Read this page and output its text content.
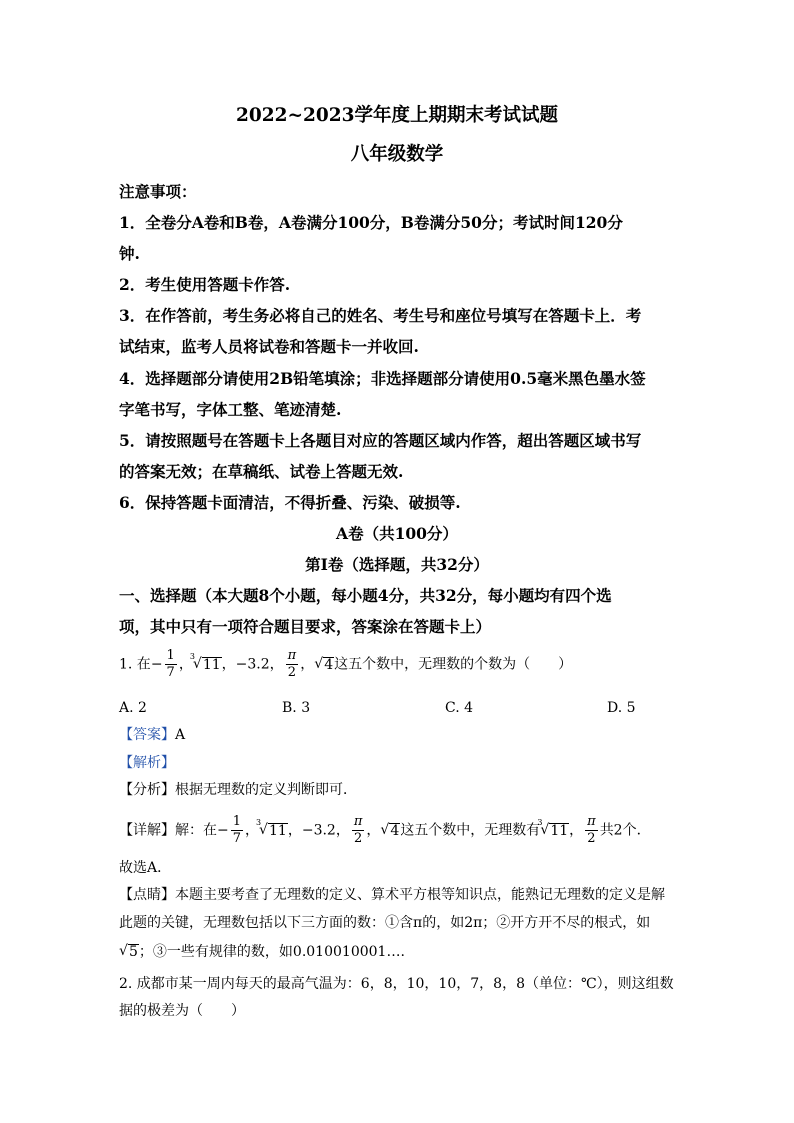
2022~2023学年度上期期末考试试题
八年级数学
注意事项：
1．全卷分A卷和B卷，A卷满分100分，B卷满分50分；考试时间120分
钟.
2．考生使用答题卡作答.
3．在作答前，考生务必将自己的姓名、考生号和座位号填写在答题卡上．考
试结束，监考人员将试卷和答题卡一并收回.
4．选择题部分请使用2B铅笔填涂；非选择题部分请使用0.5毫米黑色墨水签
字笔书写，字体工整、笔迹清楚.
5．请按照题号在答题卡上各题目对应的答题区域内作答，超出答题区域书写
的答案无效；在草稿纸、试卷上答题无效.
6．保持答题卡面清洁，不得折叠、污染、破损等.
A卷（共100分）
第Ⅰ卷（选择题，共32分）
一、选择题（本大题8个小题，每小题4分，共32分，每小题均有四个选
项，其中只有一项符合题目要求，答案涂在答题卡上）
1. 在− $\frac{1}{7}$ ，
3
√ 11，−3.2， $\frac{\pi}{2}$ ， √ 4这五个数中，无理数的个数为（　　）
A. 2	B. 3	C. 4	D. 5
【答案】A
【解析】
【分析】根据无理数的定义判断即可．
【详解】解：在− $\frac{1}{7}$ ，
3
√ 11，−3.2， $\frac{\pi}{2}$ ， √ 4这五个数中，无理数有
3
√ 11， $\frac{\pi}{2}$ 共2个．
故选A．
【点睛】本题主要考查了无理数的定义、算术平方根等知识点，能熟记无理数的定义是解
此题的关键，无理数包括以下三方面的数：①含π的，如2π；②开方开不尽的根式，如
√ 5；③一些有规律的数，如0.010010001….
2. 成都市某一周内每天的最高气温为：6，8，10，10，7，8，8（单位：℃），则这组数
据的极差为（　　）
